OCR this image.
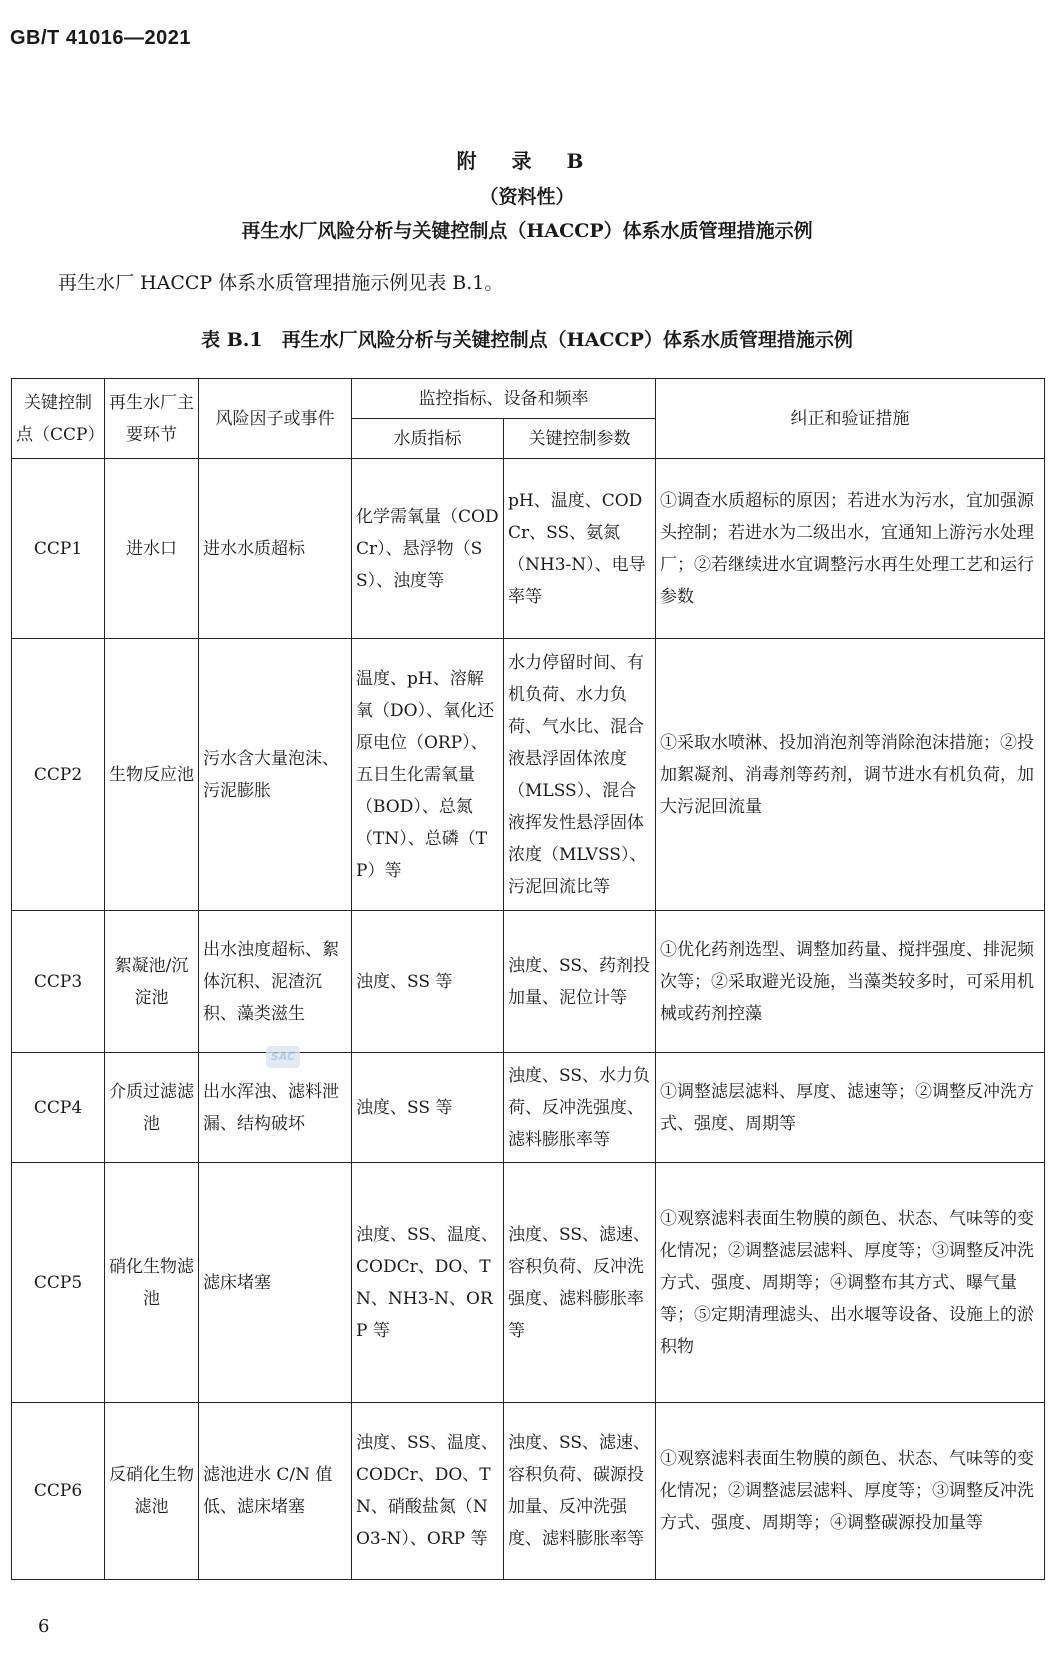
GB/T 41016—2021
附 录 B
（资料性）
再生水厂风险分析与关键控制点（HACCP）体系水质管理措施示例
再生水厂 HACCP 体系水质管理措施示例见表 B.1。
表 B.1　再生水厂风险分析与关键控制点（HACCP）体系水质管理措施示例
关键控制点（CCP）	再生水厂主要环节	风险因子或事件	监控指标、设备和频率		纠正和验证措施
			水质指标	关键控制参数	
CCP1	进水口	进水水质超标	化学需氧量（CODCr）、悬浮物（SS）、浊度等	pH、温度、CODCr、SS、氨氮（NH3-N）、电导率等	①调查水质超标的原因；若进水为污水，宜加强源头控制；若进水为二级出水，宜通知上游污水处理厂；②若继续进水宜调整污水再生处理工艺和运行参数
CCP2	生物反应池	污水含大量泡沫、污泥膨胀	温度、pH、溶解氧（DO）、氧化还原电位（ORP）、五日生化需氧量（BOD）、总氮（TN）、总磷（TP）等	水力停留时间、有机负荷、水力负荷、气水比、混合液悬浮固体浓度（MLSS）、混合液挥发性悬浮固体浓度（MLVSS）、污泥回流比等	①采取水喷淋、投加消泡剂等消除泡沫措施；②投加絮凝剂、消毒剂等药剂，调节进水有机负荷，加大污泥回流量
CCP3	絮凝池/沉淀池	出水浊度超标、絮体沉积、泥渣沉积、藻类滋生	浊度、SS 等	浊度、SS、药剂投加量、泥位计等	①优化药剂选型、调整加药量、搅拌强度、排泥频次等；②采取避光设施，当藻类较多时，可采用机械或药剂控藻
CCP4	介质过滤滤池	出水浑浊、滤料泄漏、结构破坏	浊度、SS 等	浊度、SS、水力负荷、反冲洗强度、滤料膨胀率等	①调整滤层滤料、厚度、滤速等；②调整反冲洗方式、强度、周期等
CCP5	硝化生物滤池	滤床堵塞	浊度、SS、温度、CODCr、DO、TN、NH3-N、ORP 等	浊度、SS、滤速、容积负荷、反冲洗强度、滤料膨胀率等	①观察滤料表面生物膜的颜色、状态、气味等的变化情况；②调整滤层滤料、厚度等；③调整反冲洗方式、强度、周期等；④调整布其方式、曝气量等；⑤定期清理滤头、出水堰等设备、设施上的淤积物
CCP6	反硝化生物滤池	滤池进水 C/N 值低、滤床堵塞	浊度、SS、温度、CODCr、DO、TN、硝酸盐氮（NO3-N）、ORP 等	浊度、SS、滤速、容积负荷、碳源投加量、反冲洗强度、滤料膨胀率等	①观察滤料表面生物膜的颜色、状态、气味等的变化情况；②调整滤层滤料、厚度等；③调整反冲洗方式、强度、周期等；④调整碳源投加量等
SAC
6
